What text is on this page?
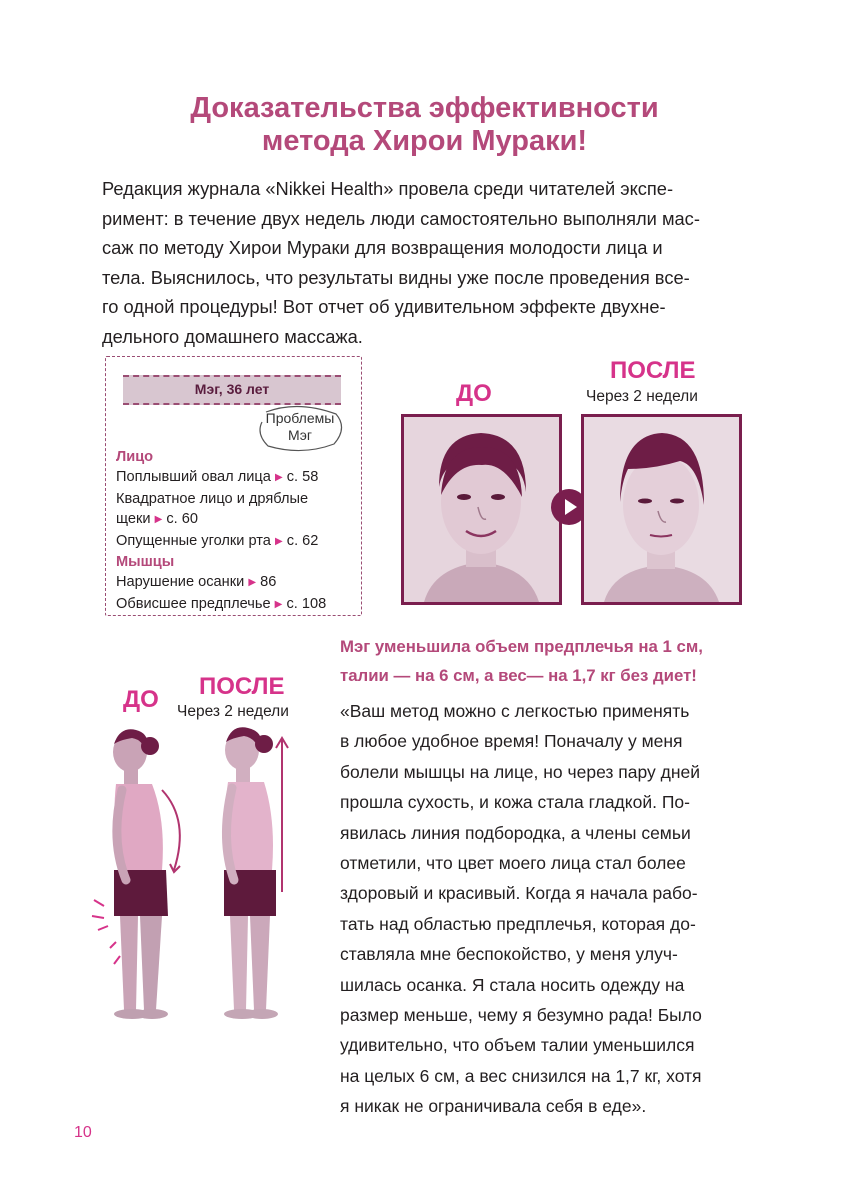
Доказательства эффективности
метода Хирои Мураки!
Редакция журнала «Nikkei Health» провела среди читателей экспе-
римент: в течение двух недель люди самостоятельно выполняли мас-
саж по методу Хирои Мураки для возвращения молодости лица и
тела. Выяснилось, что результаты видны уже после проведения все-
го одной процедуры! Вот отчет об удивительном эффекте двухне-
дельного домашнего массажа.
Мэг, 36 лет
Проблемы
Мэг
Лицо
Поплывший овал лица ▶ с. 58
Квадратное лицо и дряблые
щеки ▶ с. 60
Опущенные уголки рта ▶ с. 62
Мышцы
Нарушение осанки ▶ 86
Обвисшее предплечье ▶ с. 108
ДО
ПОСЛЕ
Через 2 недели
Мэг уменьшила объем предплечья на 1 см,
талии — на 6 см, а вес— на 1,7 кг без диет!
«Ваш метод можно с легкостью применять
в любое удобное время! Поначалу у меня
болели мышцы на лице, но через пару дней
прошла сухость, и кожа стала гладкой. По-
явилась линия подбородка, а члены семьи
отметили, что цвет моего лица стал более
здоровый и красивый. Когда я начала рабо-
тать над областью предплечья, которая до-
ставляла мне беспокойство, у меня улуч-
шилась осанка. Я стала носить одежду на
размер меньше, чему я безумно рада! Было
удивительно, что объем талии уменьшился
на целых 6 см, а вес снизился на 1,7 кг, хотя
я никак не ограничивала себя в еде».
ДО ПОСЛЕ
Через 2 недели
10
